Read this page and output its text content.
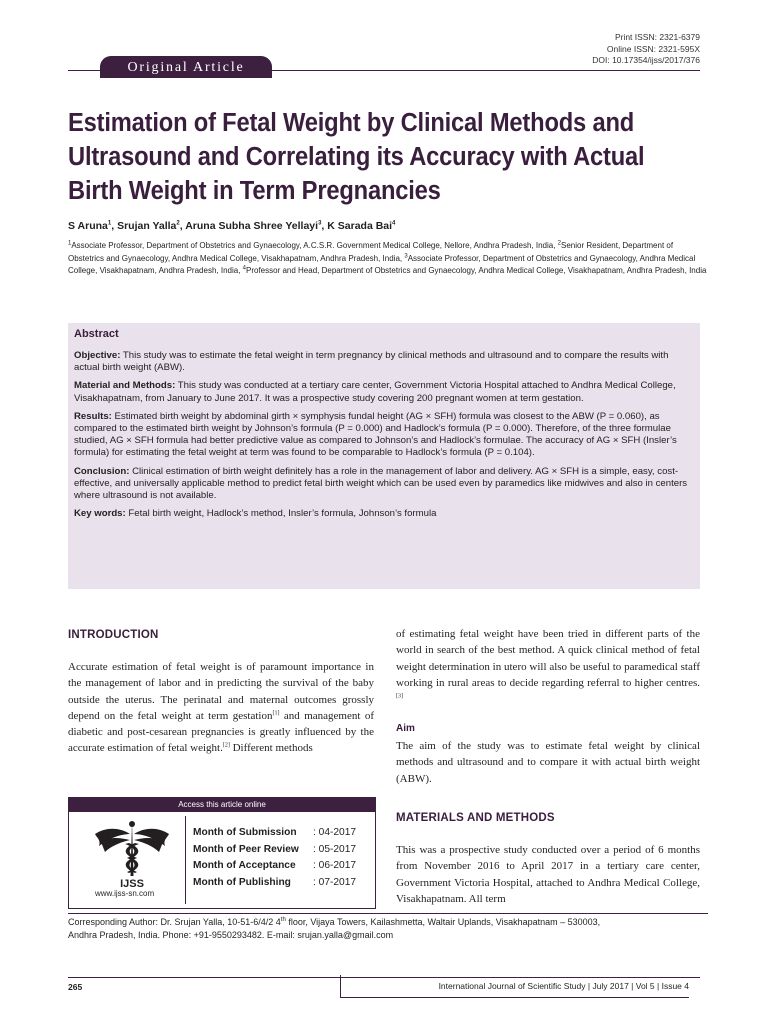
Print ISSN: 2321-6379
Online ISSN: 2321-595X
DOI: 10.17354/ijss/2017/376
Original Article
Estimation of Fetal Weight by Clinical Methods and Ultrasound and Correlating its Accuracy with Actual Birth Weight in Term Pregnancies
S Aruna$^1$, Srujan Yalla$^2$, Aruna Subha Shree Yellayi$^3$, K Sarada Bai$^4$
$^1$Associate Professor, Department of Obstetrics and Gynaecology, A.C.S.R. Government Medical College, Nellore, Andhra Pradesh, India, $^2$Senior Resident, Department of Obstetrics and Gynaecology, Andhra Medical College, Visakhapatnam, Andhra Pradesh, India, $^3$Associate Professor, Department of Obstetrics and Gynaecology, Andhra Medical College, Visakhapatnam, Andhra Pradesh, India, $^4$Professor and Head, Department of Obstetrics and Gynaecology, Andhra Medical College, Visakhapatnam, Andhra Pradesh, India
Abstract

Objective: This study was to estimate the fetal weight in term pregnancy by clinical methods and ultrasound and to compare the results with actual birth weight (ABW).

Material and Methods: This study was conducted at a tertiary care center, Government Victoria Hospital attached to Andhra Medical College, Visakhapatnam, from January to June 2017. It was a prospective study covering 200 pregnant women at term gestation.

Results: Estimated birth weight by abdominal girth × symphysis fundal height (AG × SFH) formula was closest to the ABW (P = 0.060), as compared to the estimated birth weight by Johnson’s formula (P = 0.000) and Hadlock’s formula (P = 0.000). Therefore, of the three formulae studied, AG × SFH formula had better predictive value as compared to Johnson’s and Hadlock’s formulae. The accuracy of AG × SFH (Insler’s formula) for estimating the fetal weight at term was found to be comparable to Hadlock’s formula (P = 0.104).

Conclusion: Clinical estimation of birth weight definitely has a role in the management of labor and delivery. AG × SFH is a simple, easy, cost-effective, and universally applicable method to predict fetal birth weight which can be used even by paramedics like midwives and also in centers where ultrasound is not available.

Key words: Fetal birth weight, Hadlock’s method, Insler’s formula, Johnson’s formula

INTRODUCTION

Accurate estimation of fetal weight is of paramount importance in the management of labor and in predicting the survival of the baby outside the uterus. The perinatal and maternal outcomes grossly depend on the fetal weight at term gestation[1] and management of diabetic and post-cesarean pregnancies is greatly influenced by the accurate estimation of fetal weight.[2] Different methods

of estimating fetal weight have been tried in different parts of the world in search of the best method. A quick clinical method of fetal weight determination in utero will also be useful to paramedical staff working in rural areas to decide regarding referral to higher centres.[3]

Aim
The aim of the study was to estimate fetal weight by clinical methods and ultrasound and to compare it with actual birth weight (ABW).
MATERIALS AND METHODS
This was a prospective study conducted over a period of 6 months from November 2016 to April 2017 in a tertiary care center, Government Victoria Hospital, attached to Andhra Medical College, Visakhapatnam. All term
Access this article online
IJSS
www.ijss-sn.com
Month of Submission : 04-2017
Month of Peer Review : 05-2017
Month of Acceptance : 06-2017
Month of Publishing : 07-2017
Corresponding Author: Dr. Srujan Yalla, 10-51-6/4/2 4th floor, Vijaya Towers, Kailashmetta, Waltair Uplands, Visakhapatnam – 530003,
Andhra Pradesh, India. Phone: +91-9550293482. E-mail: srujan.yalla@gmail.com
265	International Journal of Scientific Study | July 2017 | Vol 5 | Issue 4
